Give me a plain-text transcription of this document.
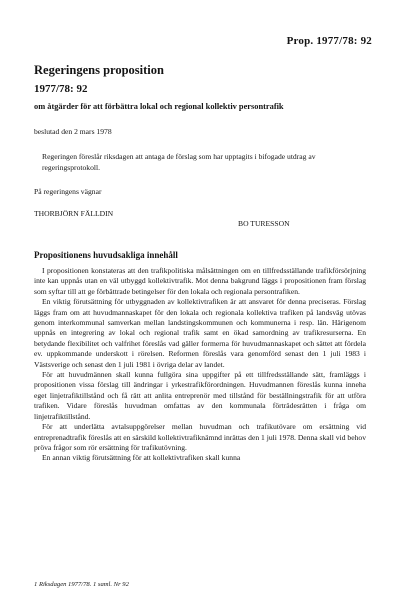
Prop. 1977/78: 92
Regeringens proposition
1977/78: 92
om åtgärder för att förbättra lokal och regional kollektiv persontrafik
beslutad den 2 mars 1978
Regeringen föreslår riksdagen att antaga de förslag som har upptagits i bifogade utdrag av regeringsprotokoll.
På regeringens vägnar
THORBJÖRN FÄLLDIN
BO TURESSON
Propositionens huvudsakliga innehåll

I propositionen konstateras att den trafikpolitiska målsättningen om en tillfredsställande trafikförsörjning inte kan uppnås utan en väl utbyggd kollektivtrafik. Mot denna bakgrund läggs i propositionen fram förslag som syftar till att ge förbättrade betingelser för den lokala och regionala persontrafiken.

En viktig förutsättning för utbyggnaden av kollektivtrafiken är att ansvaret för denna preciseras. Förslag läggs fram om att huvudmannaskapet för den lokala och regionala kollektiva trafiken på landsväg utövas genom interkommunal samverkan mellan landstingskommunen och kommunerna i resp. län. Härigenom uppnås en integrering av lokal och regional trafik samt en ökad samordning av trafikresurserna. En betydande flexibilitet och valfrihet föreslås vad gäller formerna för huvudmannaskapet och sättet att fördela ev. uppkommande underskott i rörelsen. Reformen föreslås vara genomförd senast den 1 juli 1983 i Västsverige och senast den 1 juli 1981 i övriga delar av landet.

För att huvudmännen skall kunna fullgöra sina uppgifter på ett tillfredsställande sätt, framläggs i propositionen vissa förslag till ändringar i yrkestrafikförordningen. Huvudmannen föreslås kunna inneha eget linjetrafiktillstånd och få rätt att anlita entreprenör med tillstånd för beställningstrafik för att utföra trafiken. Vidare föreslås huvudman omfattas av den kommunala förträdesrätten i fråga om linjetrafiktillstånd.

För att underlätta avtalsuppgörelser mellan huvudman och trafikutövare om ersättning vid entreprenadtrafik föreslås att en särskild kollektivtrafiknämnd inrättas den 1 juli 1978. Denna skall vid behov pröva frågor som rör ersättning för trafikutövning.

En annan viktig förutsättning för att kollektivtrafiken skall kunna

1 Riksdagen 1977/78. 1 saml. Nr 92
